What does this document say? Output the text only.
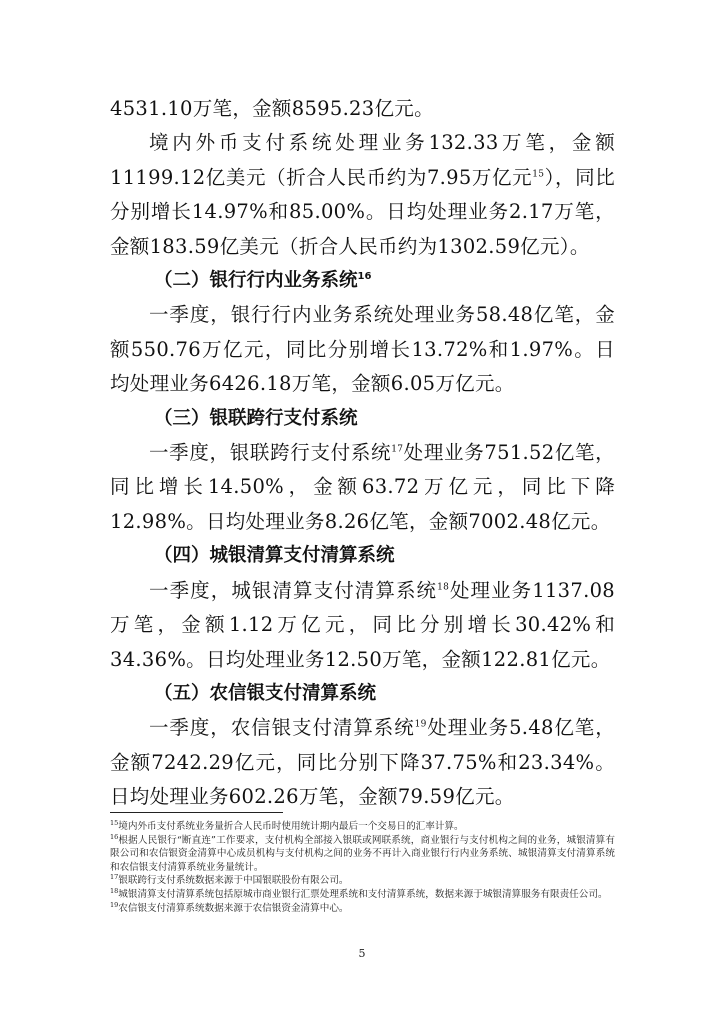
4531.10万笔，金额8595.23亿元。

境内外币支付系统处理业务132.33万笔，金额11199.12亿美元（折合人民币约为7.95万亿元$^{15}$），同比分别增长14.97%和85.00%。日均处理业务2.17万笔，金额183.59亿美元（折合人民币约为1302.59亿元）。

（二）银行行内业务系统$^{16}$

一季度，银行行内业务系统处理业务58.48亿笔，金额550.76万亿元，同比分别增长13.72%和1.97%。日均处理业务6426.18万笔，金额6.05万亿元。

（三）银联跨行支付系统

一季度，银联跨行支付系统$^{17}$处理业务751.52亿笔，同比增长14.50%，金额63.72万亿元，同比下降12.98%。日均处理业务8.26亿笔，金额7002.48亿元。

（四）城银清算支付清算系统

一季度，城银清算支付清算系统$^{18}$处理业务1137.08万笔，金额1.12万亿元，同比分别增长30.42%和34.36%。日均处理业务12.50万笔，金额122.81亿元。

（五）农信银支付清算系统

一季度，农信银支付清算系统$^{19}$处理业务5.48亿笔，金额7242.29亿元，同比分别下降37.75%和23.34%。日均处理业务602.26万笔，金额79.59亿元。

$^{15}$境内外币支付系统业务量折合人民币时使用统计期内最后一个交易日的汇率计算。

$^{16}$根据人民银行“断直连”工作要求，支付机构全部接入银联或网联系统，商业银行与支付机构之间的业务，城银清算有限公司和农信银资金清算中心成员机构与支付机构之间的业务不再计入商业银行行内业务系统、城银清算支付清算系统和农信银支付清算系统业务量统计。

$^{17}$银联跨行支付系统数据来源于中国银联股份有限公司。

$^{18}$城银清算支付清算系统包括原城市商业银行汇票处理系统和支付清算系统，数据来源于城银清算服务有限责任公司。

$^{19}$农信银支付清算系统数据来源于农信银资金清算中心。

5
